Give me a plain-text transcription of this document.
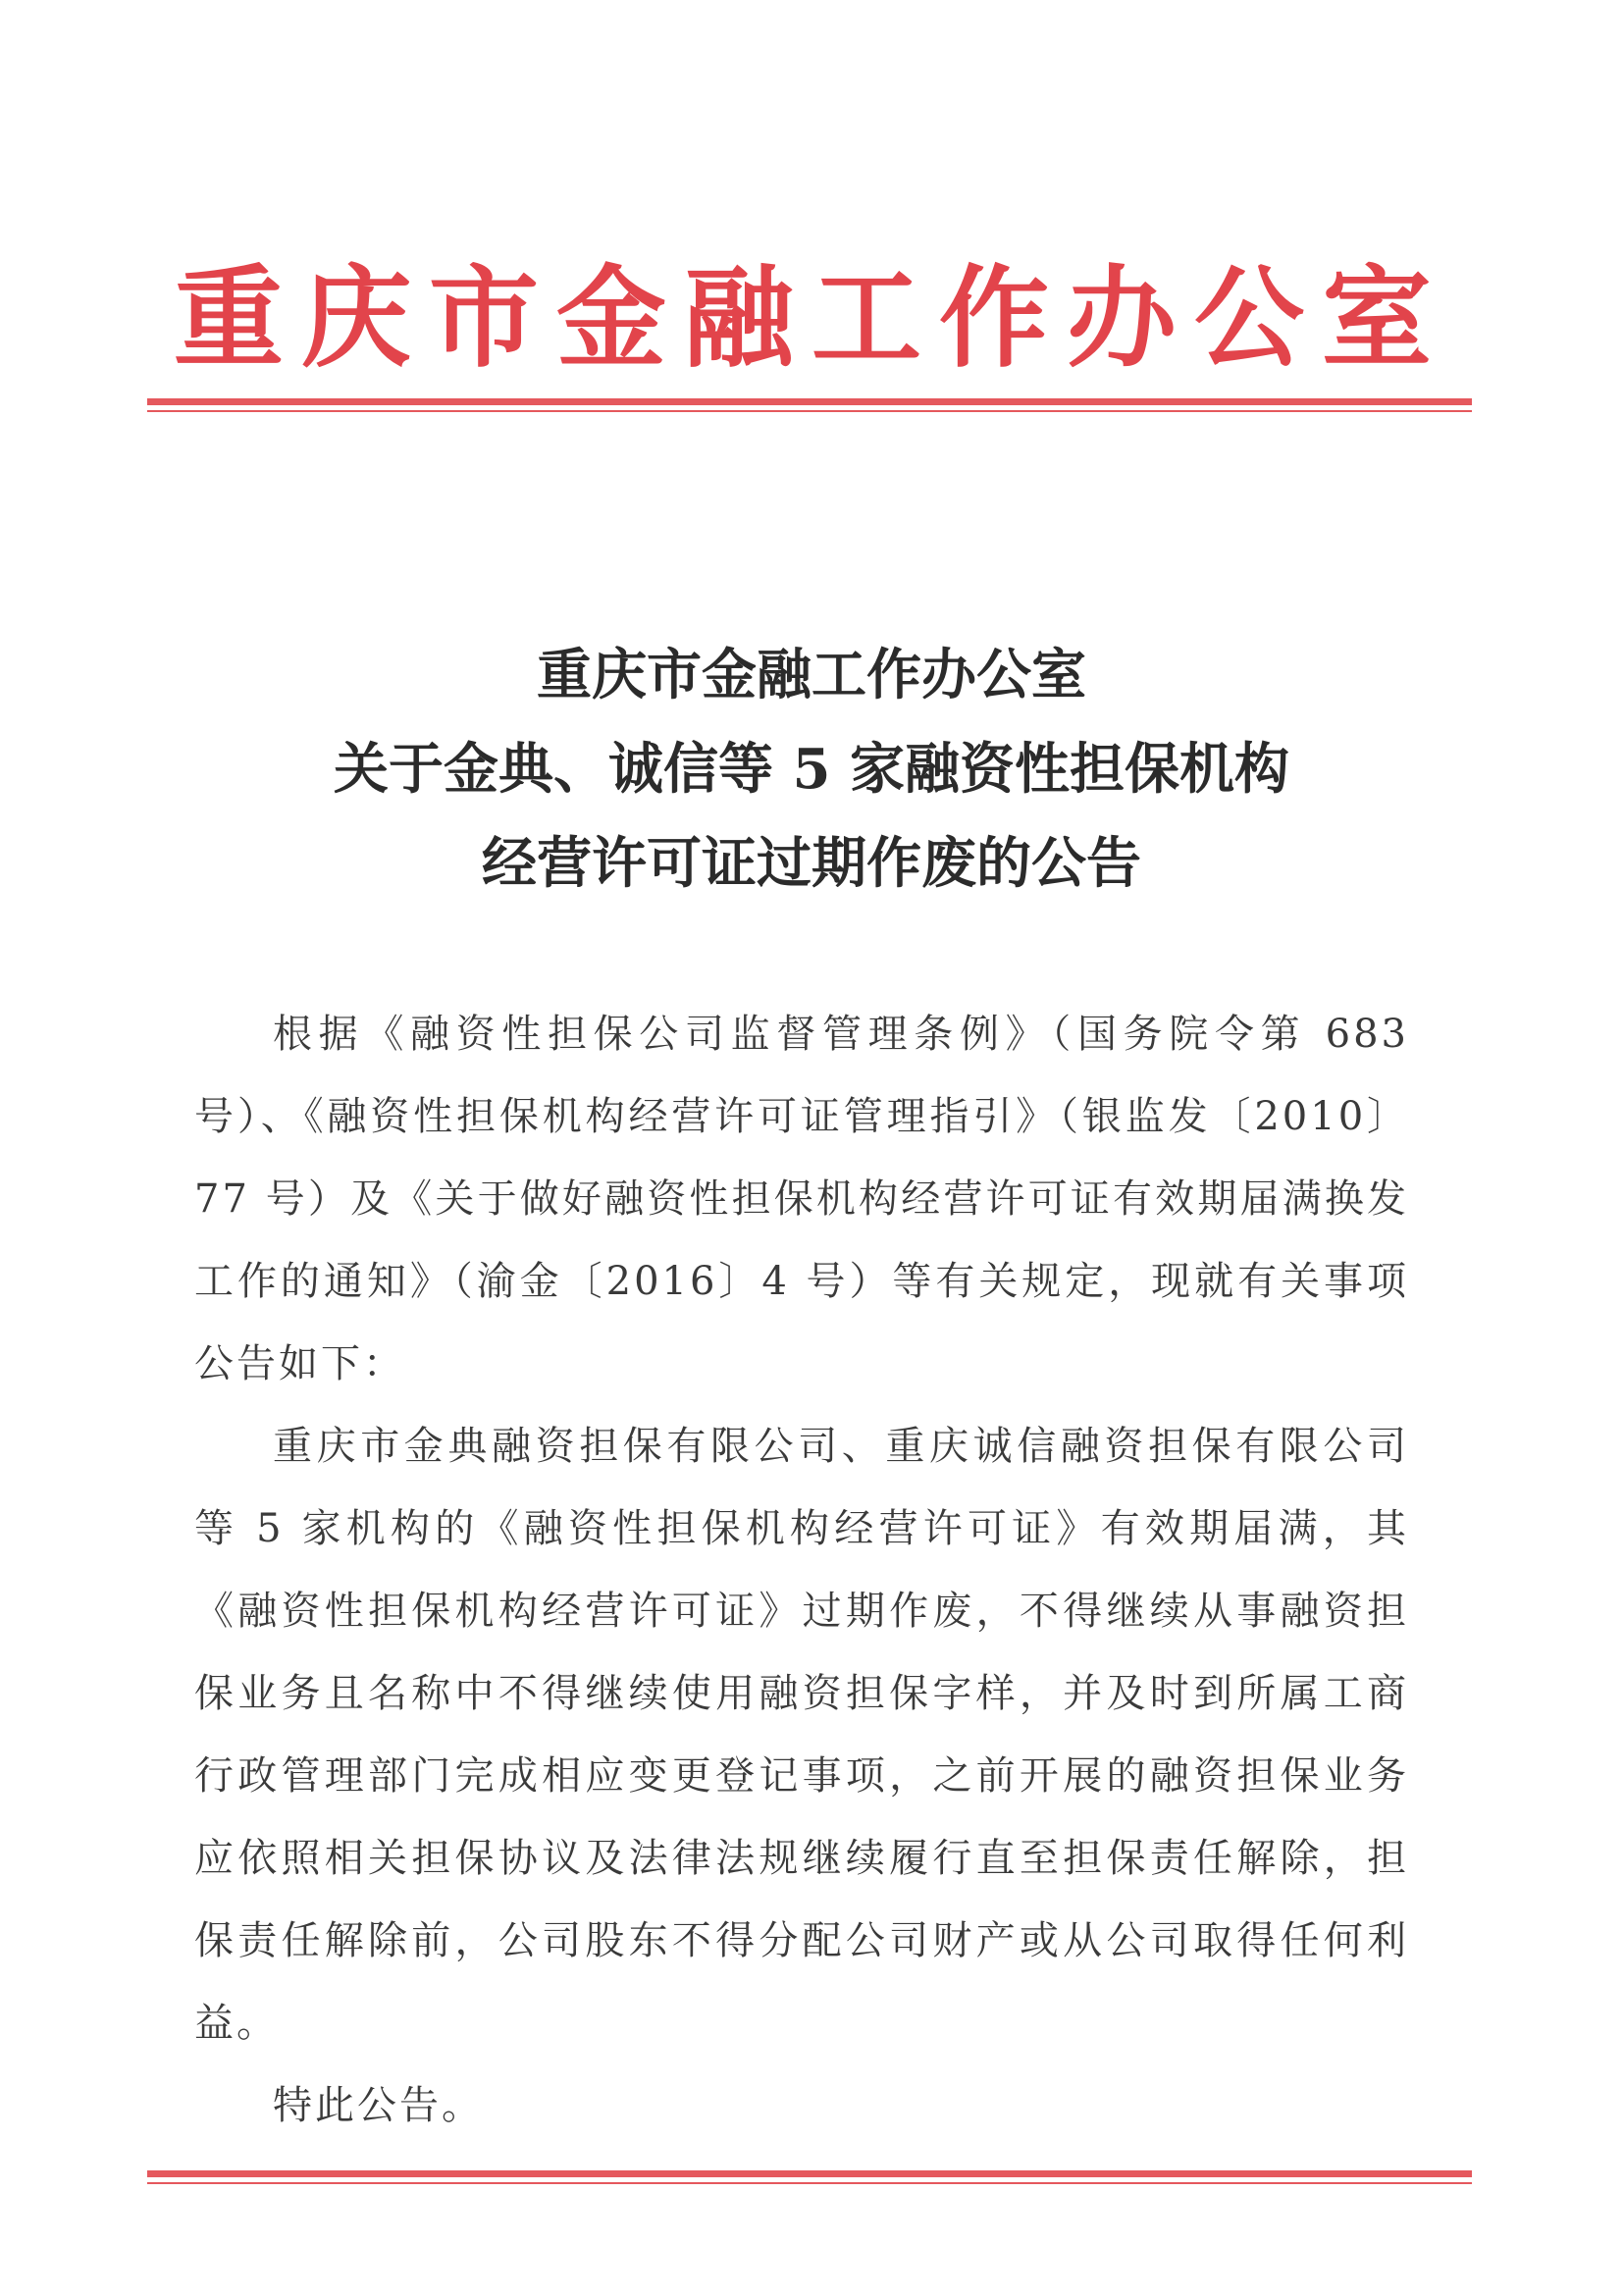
重庆市金融工作办公室
重庆市金融工作办公室
关于金典、诚信等 5 家融资性担保机构
经营许可证过期作废的公告

根据《融资性担保公司监督管理条例》（国务院令第 683 号）、《融资性担保机构经营许可证管理指引》（银监发〔2010〕77 号）及《关于做好融资性担保机构经营许可证有效期届满换发工作的通知》（渝金〔2016〕4 号）等有关规定，现就有关事项公告如下：

重庆市金典融资担保有限公司、重庆诚信融资担保有限公司等 5 家机构的《融资性担保机构经营许可证》有效期届满，其《融资性担保机构经营许可证》过期作废，不得继续从事融资担保业务且名称中不得继续使用融资担保字样，并及时到所属工商行政管理部门完成相应变更登记事项，之前开展的融资担保业务应依照相关担保协议及法律法规继续履行直至担保责任解除，担保责任解除前，公司股东不得分配公司财产或从公司取得任何利益。

特此公告。
